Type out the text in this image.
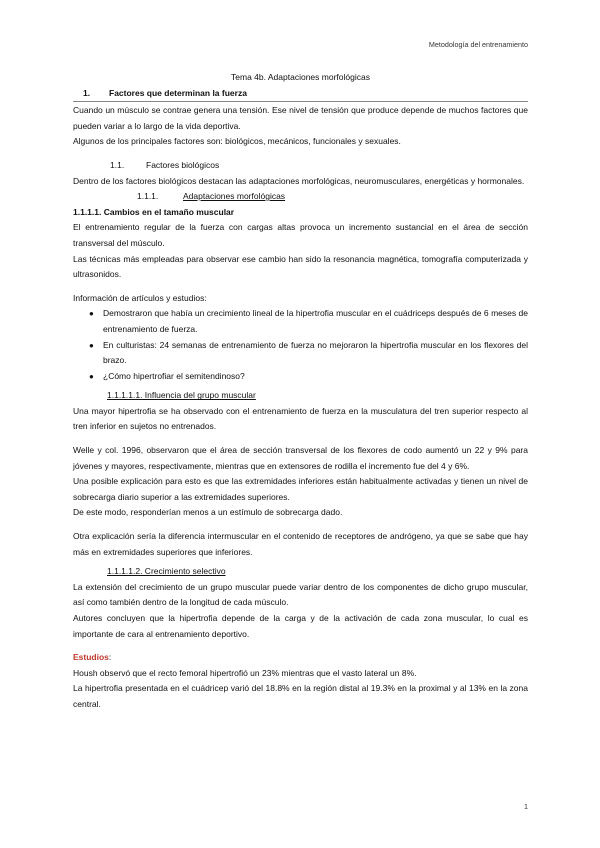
Metodología del entrenamiento
Tema 4b. Adaptaciones morfológicas
1.	Factores que determinan la fuerza

Cuando un músculo se contrae genera una tensión. Ese nivel de tensión que produce depende de muchos factores que pueden variar a lo largo de la vida deportiva.

Algunos de los principales factores son: biológicos, mecánicos, funcionales y sexuales.

1.1.	Factores biológicos

Dentro de los factores biológicos destacan las adaptaciones morfológicas, neuromusculares, energéticas y hormonales.

1.1.1.	Adaptaciones morfológicas
1.1.1.1. Cambios en el tamaño muscular

El entrenamiento regular de la fuerza con cargas altas provoca un incremento sustancial en el área de sección transversal del músculo.

Las técnicas más empleadas para observar ese cambio han sido la resonancia magnética, tomografía computerizada y ultrasonidos.

Información de artículos y estudios:
● Demostraron que había un crecimiento lineal de la hipertrofia muscular en el cuádriceps después de 6 meses de entrenamiento de fuerza.
● En culturistas: 24 semanas de entrenamiento de fuerza no mejoraron la hipertrofia muscular en los flexores del brazo.
● ¿Cómo hipertrofiar el semitendinoso?
1.1.1.1.1. Influencia del grupo muscular

Una mayor hipertrofia se ha observado con el entrenamiento de fuerza en la musculatura del tren superior respecto al tren inferior en sujetos no entrenados.

Welle y col. 1996, observaron que el área de sección transversal de los flexores de codo aumentó un 22 y 9% para jóvenes y mayores, respectivamente, mientras que en extensores de rodilla el incremento fue del 4 y 6%.

Una posible explicación para esto es que las extremidades inferiores están habitualmente activadas y tienen un nivel de sobrecarga diario superior a las extremidades superiores.

De este modo, responderían menos a un estímulo de sobrecarga dado.

Otra explicación sería la diferencia intermuscular en el contenido de receptores de andrógeno, ya que se sabe que hay más en extremidades superiores que inferiores.

1.1.1.1.2. Crecimiento selectivo

La extensión del crecimiento de un grupo muscular puede variar dentro de los componentes de dicho grupo muscular, así como también dentro de la longitud de cada músculo.

Autores concluyen que la hipertrofia depende de la carga y de la activación de cada zona muscular, lo cual es importante de cara al entrenamiento deportivo.

Estudios:

Housh observó que el recto femoral hipertrofió un 23% mientras que el vasto lateral un 8%.

La hipertrofia presentada en el cuádricep varió del 18.8% en la región distal al 19.3% en la proximal y al 13% en la zona central.

1
